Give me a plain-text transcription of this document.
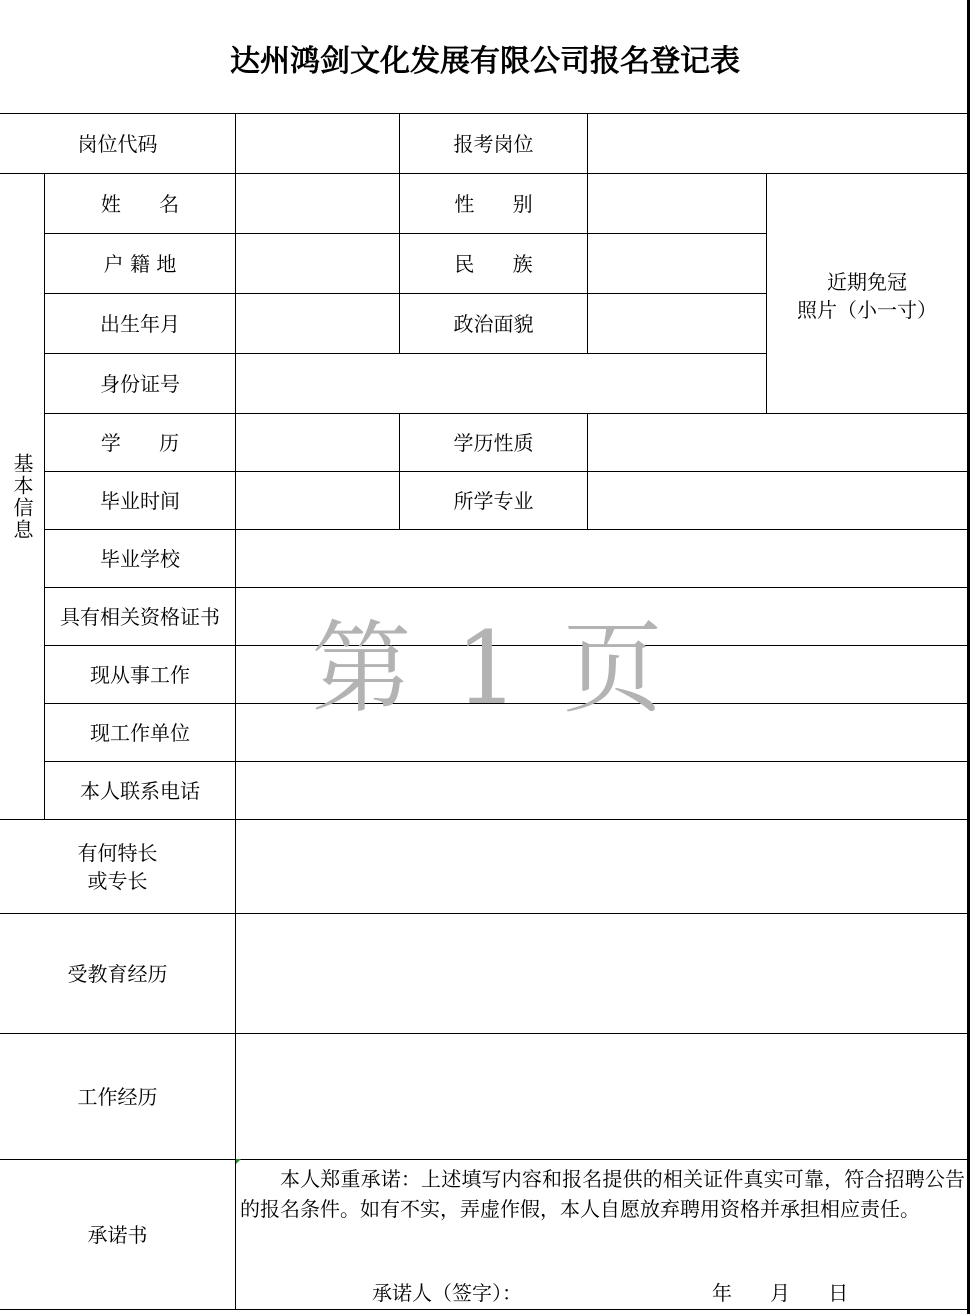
达州鸿剑文化发展有限公司报名登记表
岗位代码	报考岗位
基本信息
姓      名	性      别
近期免冠
照片（小一寸）
户 籍 地	民      族
出生年月	政治面貌
身份证号
学      历	学历性质
毕业时间	所学专业
毕业学校
具有相关资格证书
现从事工作
现工作单位
本人联系电话
有何特长
或专长
受教育经历
工作经历
承诺书
本人郑重承诺：上述填写内容和报名提供的相关证件真实可靠，符合招聘公告的报名条件。如有不实，弄虚作假，本人自愿放弃聘用资格并承担相应责任。
承诺人（签字）：	年      月      日
第 1 页
